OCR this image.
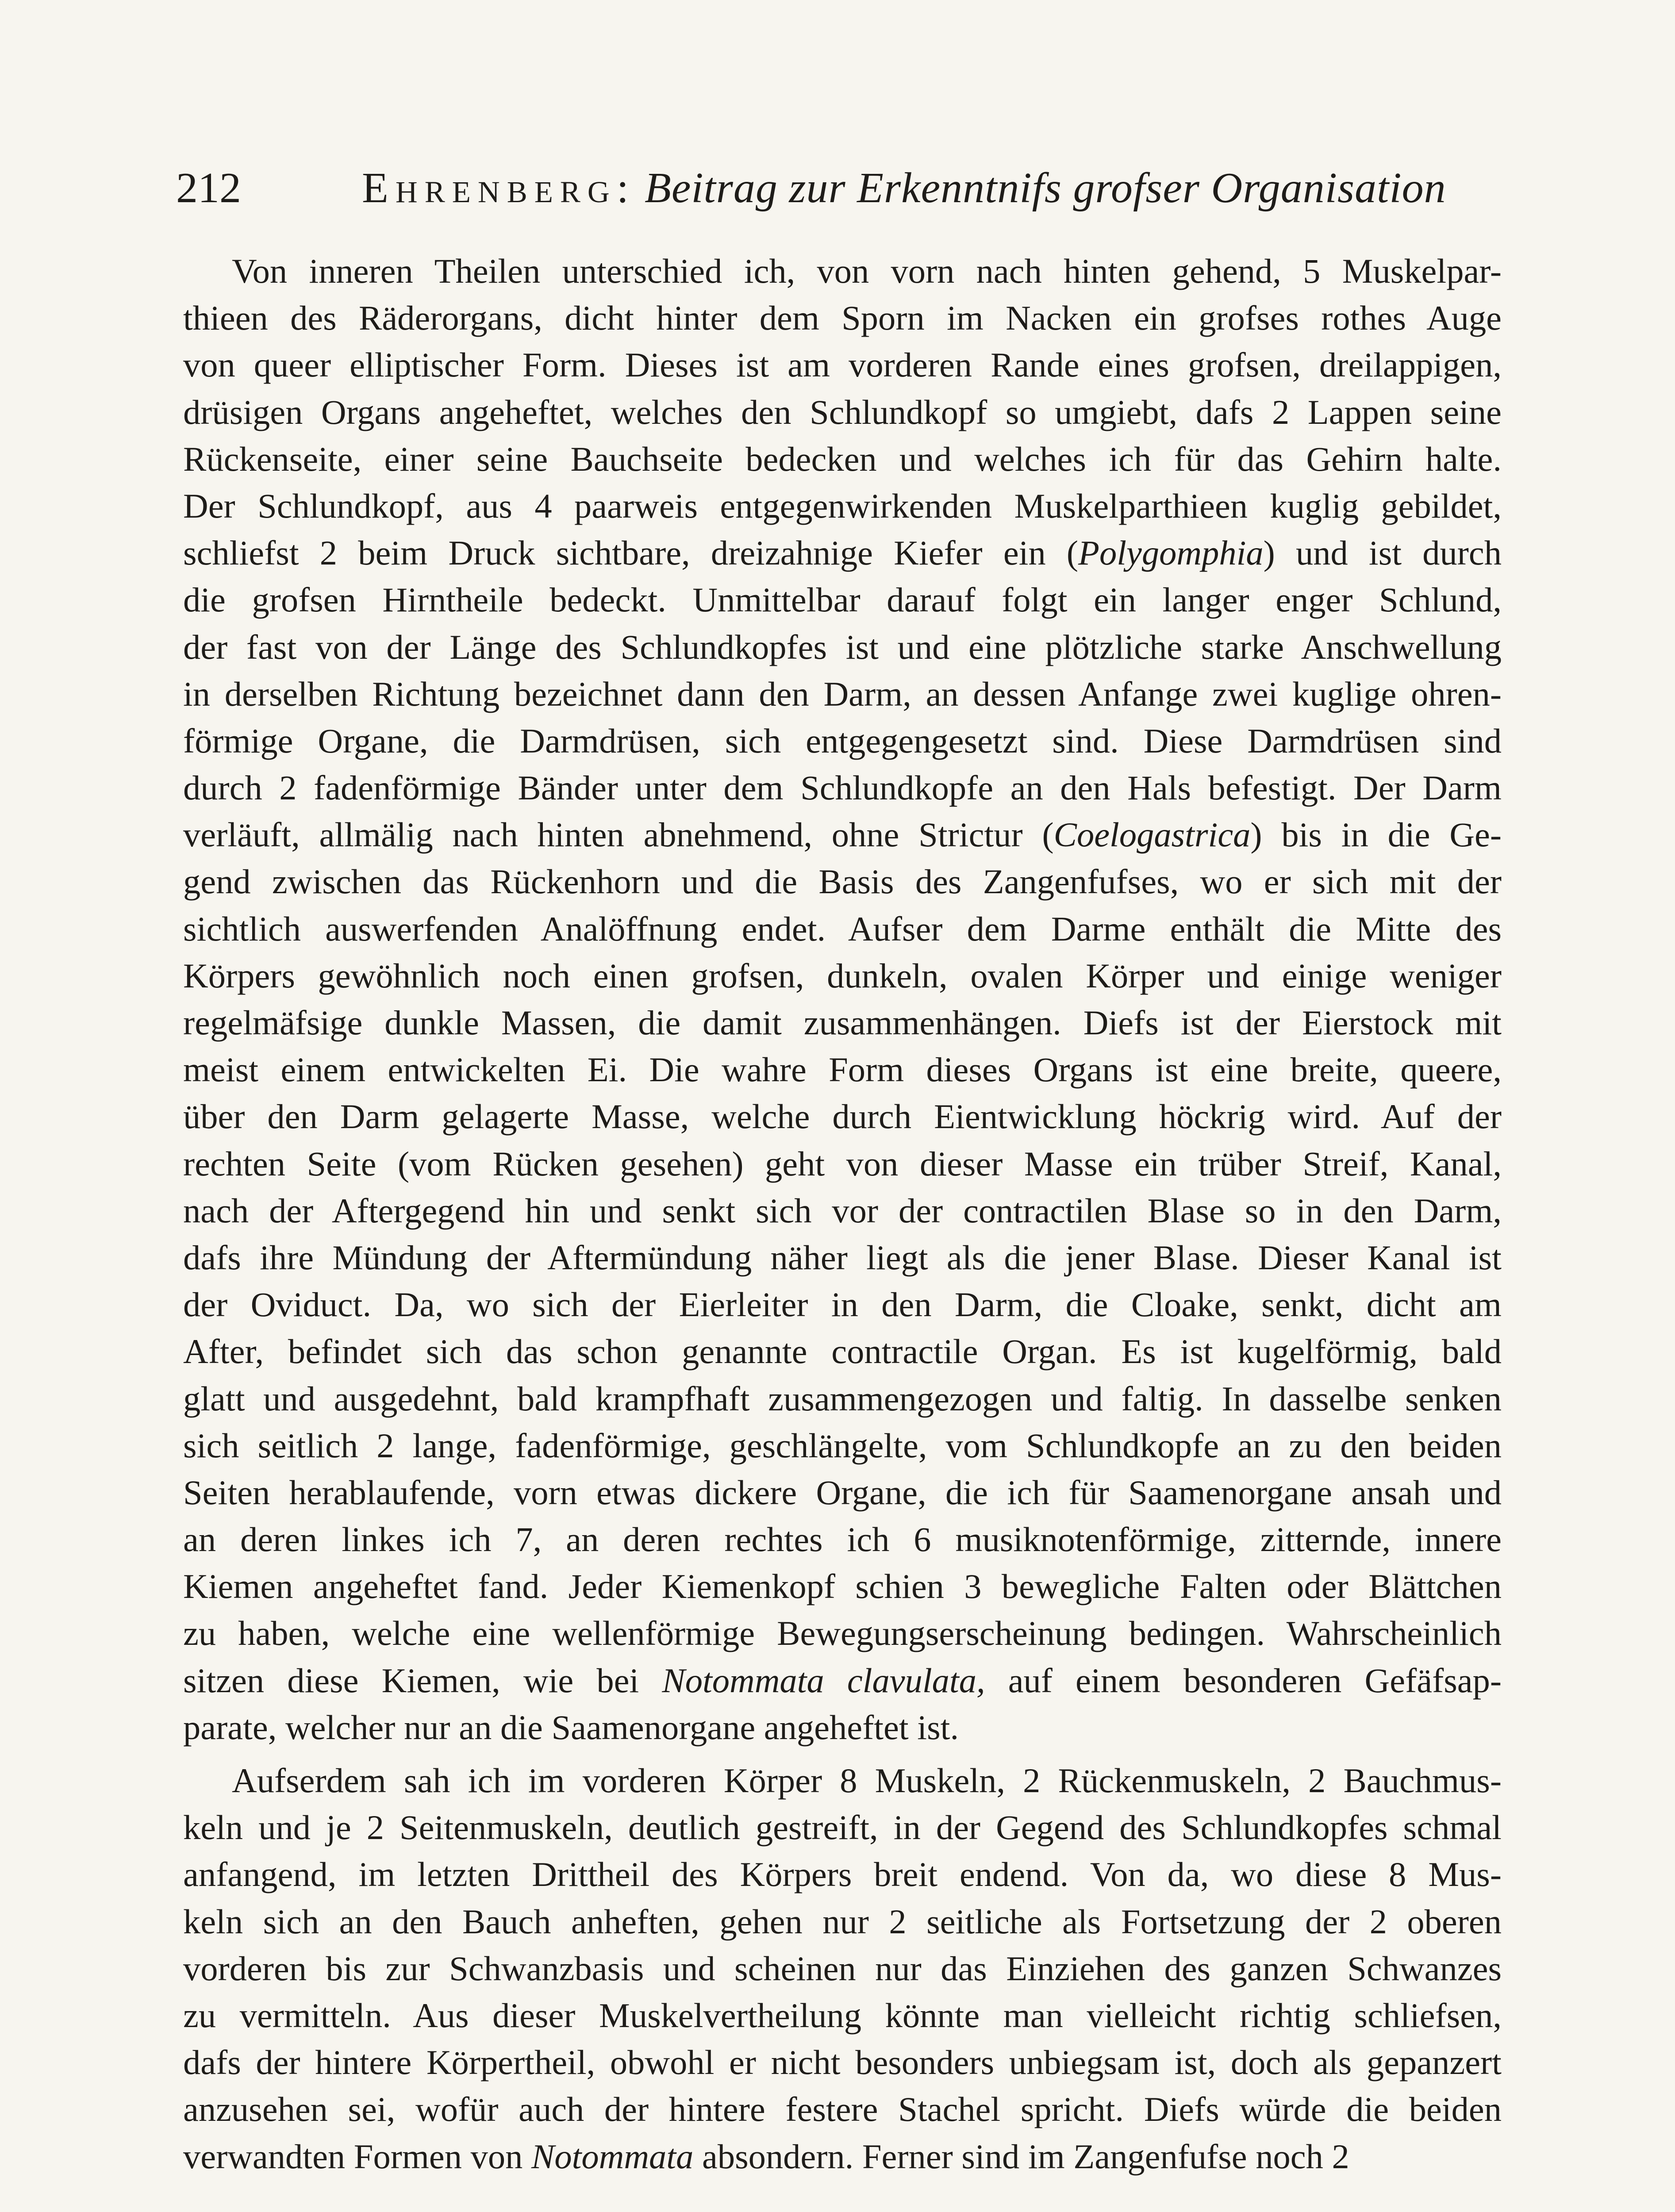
212	Ehrenberg: Beitrag zur Erkenntnifs grofser Organisation
Von inneren Theilen unterschied ich, von vorn nach hinten gehend, 5 Muskelpar-
thieen des Räderorgans, dicht hinter dem Sporn im Nacken ein grofses rothes Auge
von queer elliptischer Form. Dieses ist am vorderen Rande eines grofsen, dreilappigen,
drüsigen Organs angeheftet, welches den Schlundkopf so umgiebt, dafs 2 Lappen seine
Rückenseite, einer seine Bauchseite bedecken und welches ich für das Gehirn halte.
Der Schlundkopf, aus 4 paarweis entgegenwirkenden Muskelparthieen kuglig gebildet,
schliefst 2 beim Druck sichtbare, dreizahnige Kiefer ein (Polygomphia) und ist durch
die grofsen Hirntheile bedeckt. Unmittelbar darauf folgt ein langer enger Schlund,
der fast von der Länge des Schlundkopfes ist und eine plötzliche starke Anschwellung
in derselben Richtung bezeichnet dann den Darm, an dessen Anfange zwei kuglige ohren-
förmige Organe, die Darmdrüsen, sich entgegengesetzt sind. Diese Darmdrüsen sind
durch 2 fadenförmige Bänder unter dem Schlundkopfe an den Hals befestigt. Der Darm
verläuft, allmälig nach hinten abnehmend, ohne Strictur (Coelogastrica) bis in die Ge-
gend zwischen das Rückenhorn und die Basis des Zangenfufses, wo er sich mit der
sichtlich auswerfenden Analöffnung endet. Aufser dem Darme enthält die Mitte des
Körpers gewöhnlich noch einen grofsen, dunkeln, ovalen Körper und einige weniger
regelmäfsige dunkle Massen, die damit zusammenhängen. Diefs ist der Eierstock mit
meist einem entwickelten Ei. Die wahre Form dieses Organs ist eine breite, queere,
über den Darm gelagerte Masse, welche durch Eientwicklung höckrig wird. Auf der
rechten Seite (vom Rücken gesehen) geht von dieser Masse ein trüber Streif, Kanal,
nach der Aftergegend hin und senkt sich vor der contractilen Blase so in den Darm,
dafs ihre Mündung der Aftermündung näher liegt als die jener Blase. Dieser Kanal ist
der Oviduct. Da, wo sich der Eierleiter in den Darm, die Cloake, senkt, dicht am
After, befindet sich das schon genannte contractile Organ. Es ist kugelförmig, bald
glatt und ausgedehnt, bald krampfhaft zusammengezogen und faltig. In dasselbe senken
sich seitlich 2 lange, fadenförmige, geschlängelte, vom Schlundkopfe an zu den beiden
Seiten herablaufende, vorn etwas dickere Organe, die ich für Saamenorgane ansah und
an deren linkes ich 7, an deren rechtes ich 6 musiknotenförmige, zitternde, innere
Kiemen angeheftet fand. Jeder Kiemenkopf schien 3 bewegliche Falten oder Blättchen
zu haben, welche eine wellenförmige Bewegungserscheinung bedingen. Wahrscheinlich
sitzen diese Kiemen, wie bei Notommata clavulata, auf einem besonderen Gefäfsap-
parate, welcher nur an die Saamenorgane angeheftet ist.
Aufserdem sah ich im vorderen Körper 8 Muskeln, 2 Rückenmuskeln, 2 Bauchmus-
keln und je 2 Seitenmuskeln, deutlich gestreift, in der Gegend des Schlundkopfes schmal
anfangend, im letzten Drittheil des Körpers breit endend. Von da, wo diese 8 Mus-
keln sich an den Bauch anheften, gehen nur 2 seitliche als Fortsetzung der 2 oberen
vorderen bis zur Schwanzbasis und scheinen nur das Einziehen des ganzen Schwanzes
zu vermitteln. Aus dieser Muskelvertheilung könnte man vielleicht richtig schliefsen,
dafs der hintere Körpertheil, obwohl er nicht besonders unbiegsam ist, doch als gepanzert
anzusehen sei, wofür auch der hintere festere Stachel spricht. Diefs würde die beiden
verwandten Formen von Notommata absondern. Ferner sind im Zangenfufse noch 2
